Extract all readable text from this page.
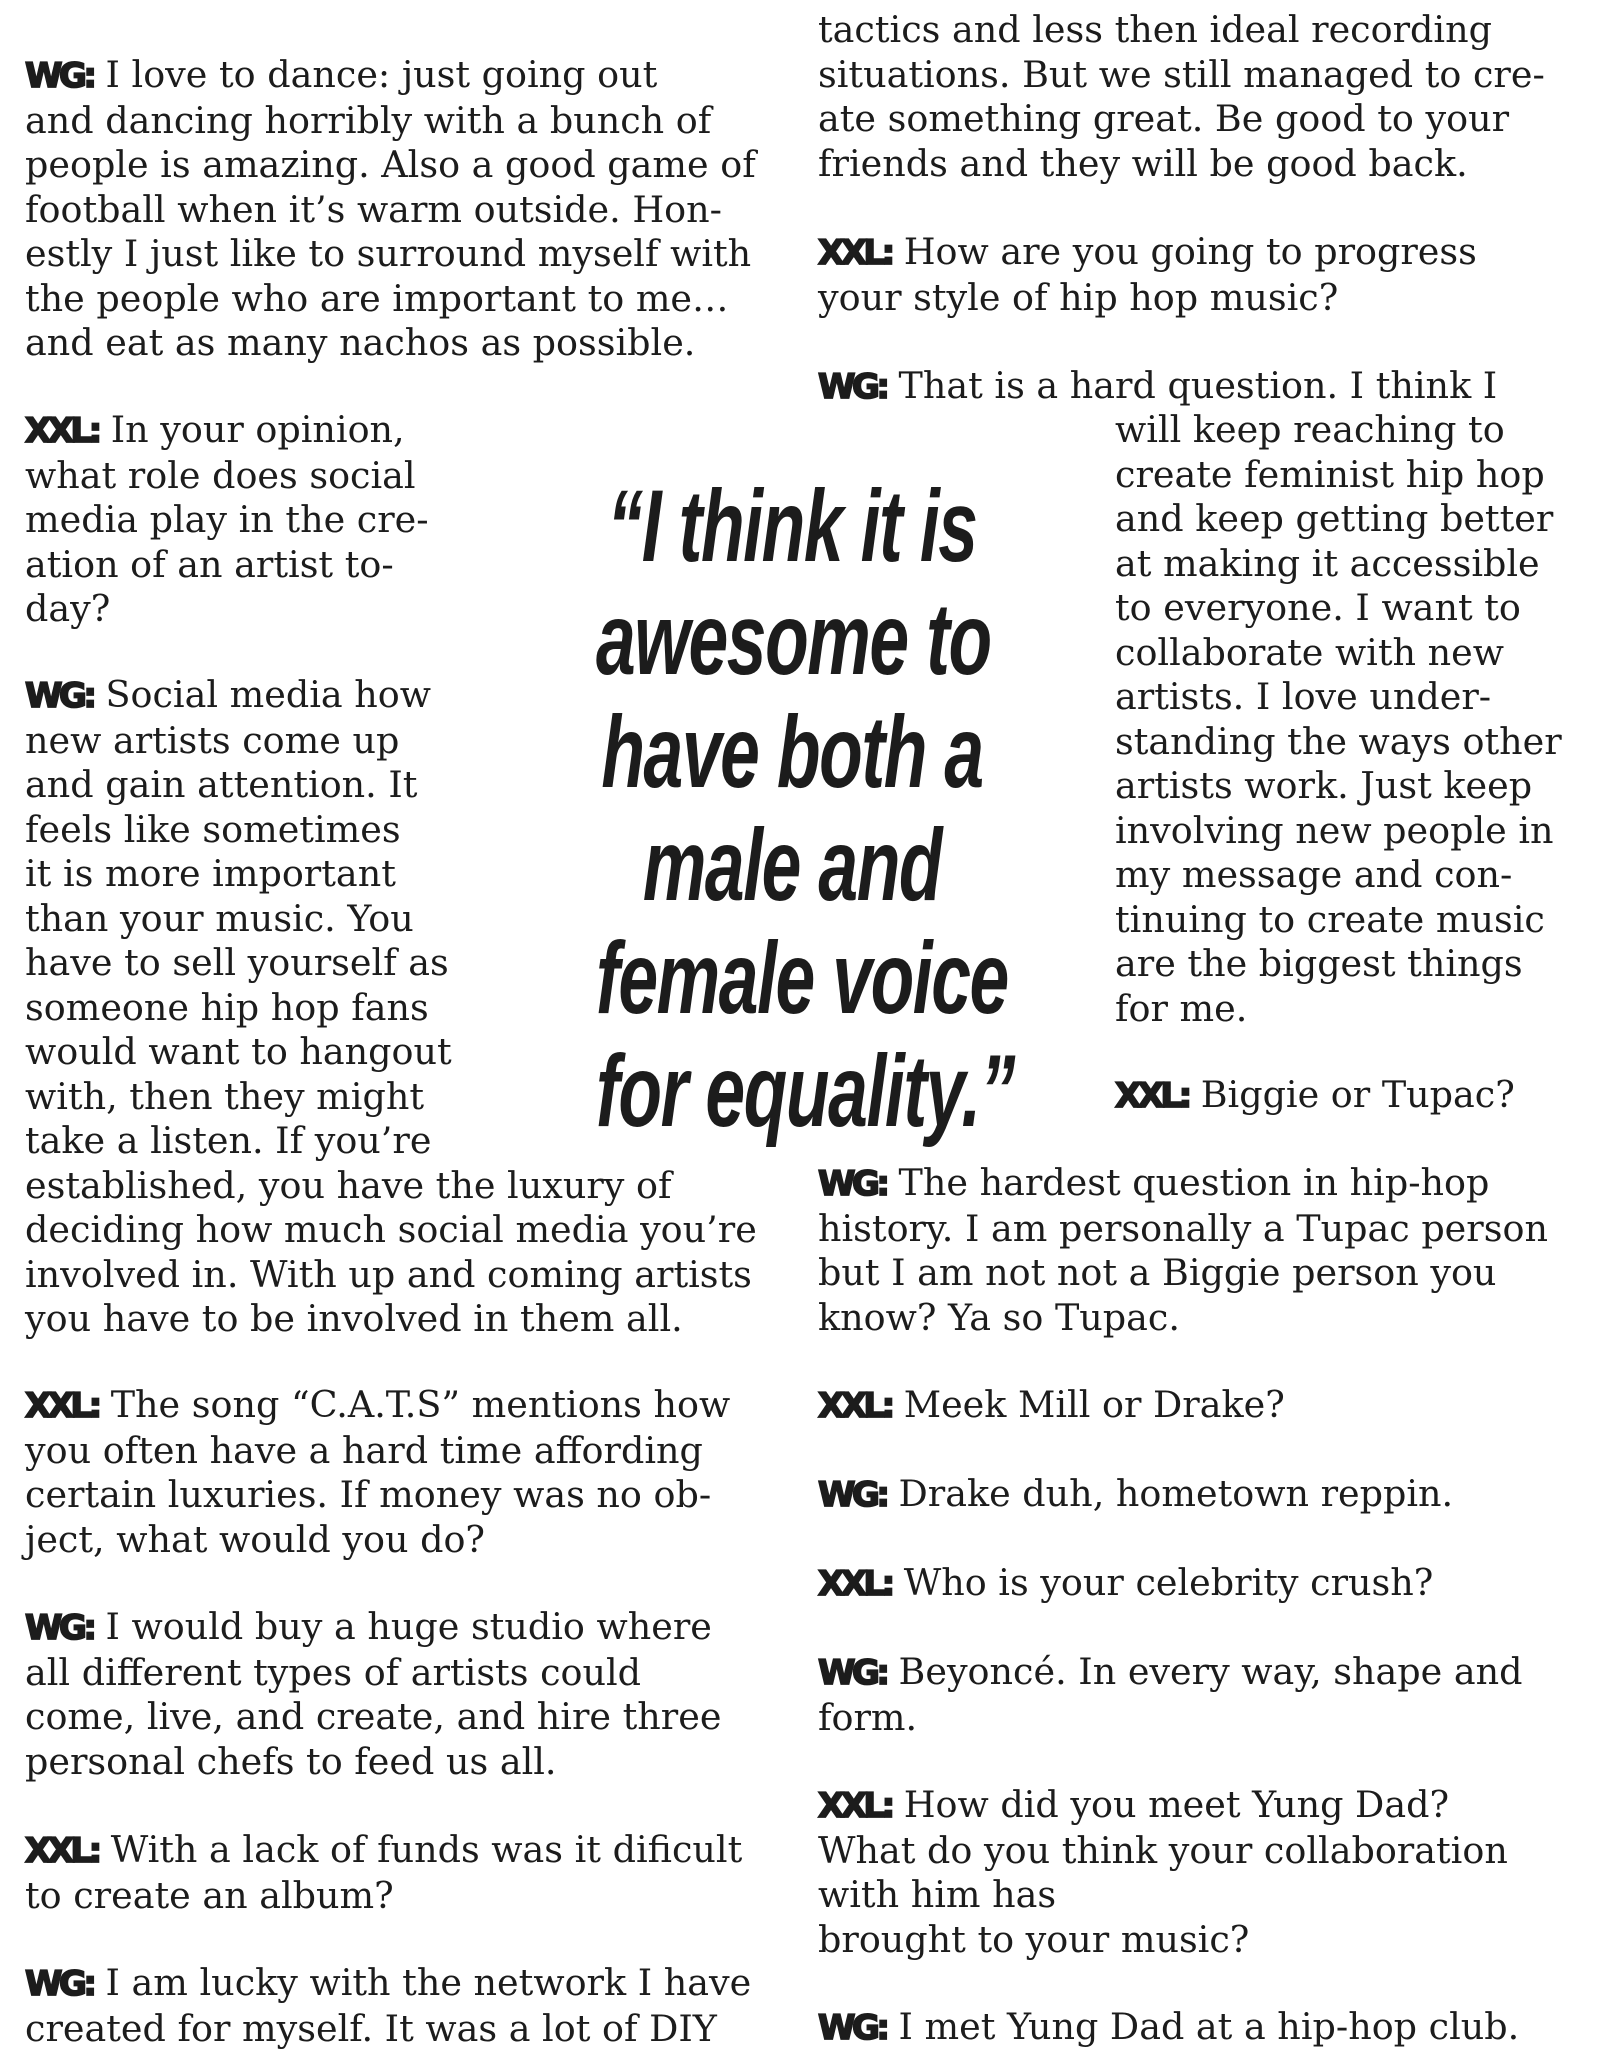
WG: I love to dance: just going out
and dancing horribly with a bunch of
people is amazing. Also a good game of
football when it’s warm outside. Hon-
estly I just like to surround myself with
the people who are important to me…
and eat as many nachos as possible.

XXL: In your opinion,
what role does social
media play in the cre-
ation of an artist to-
day?

WG: Social media how
new artists come up
and gain attention. It
feels like sometimes
it is more important
than your music. You
have to sell yourself as
someone hip hop fans
would want to hangout
with, then they might
take a listen. If you’re
established, you have the luxury of
deciding how much social media you’re
involved in. With up and coming artists
you have to be involved in them all.

XXL: The song “C.A.T.S” mentions how
you often have a hard time affording
certain luxuries. If money was no ob-
ject, what would you do?

WG: I would buy a huge studio where
all different types of artists could
come, live, and create, and hire three
personal chefs to feed us all.

XXL: With a lack of funds was it dificult
to create an album?

WG: I am lucky with the network I have
created for myself. It was a lot of DIY

tactics and less then ideal recording
situations. But we still managed to cre-
ate something great. Be good to your
friends and they will be good back.

XXL: How are you going to progress
your style of hip hop music?

WG: That is a hard question. I think I

will keep reaching to
create feminist hip hop
and keep getting better
at making it accessible
to everyone. I want to
collaborate with new
artists. I love under-
standing the ways other
artists work. Just keep
involving new people in
my message and con-
tinuing to create music
are the biggest things
for me.

XXL: Biggie or Tupac?

WG: The hardest question in hip-hop
history. I am personally a Tupac person
but I am not not a Biggie person you
know? Ya so Tupac.

XXL: Meek Mill or Drake?

WG: Drake duh, hometown reppin.

XXL: Who is your celebrity crush?

WG: Beyoncé. In every way, shape and
form.

XXL: How did you meet Yung Dad?
What do you think your collaboration
with him has
brought to your music?

WG: I met Yung Dad at a hip-hop club.

“I think it is
awesome to
have both a
male and
female voice
for equality.”
